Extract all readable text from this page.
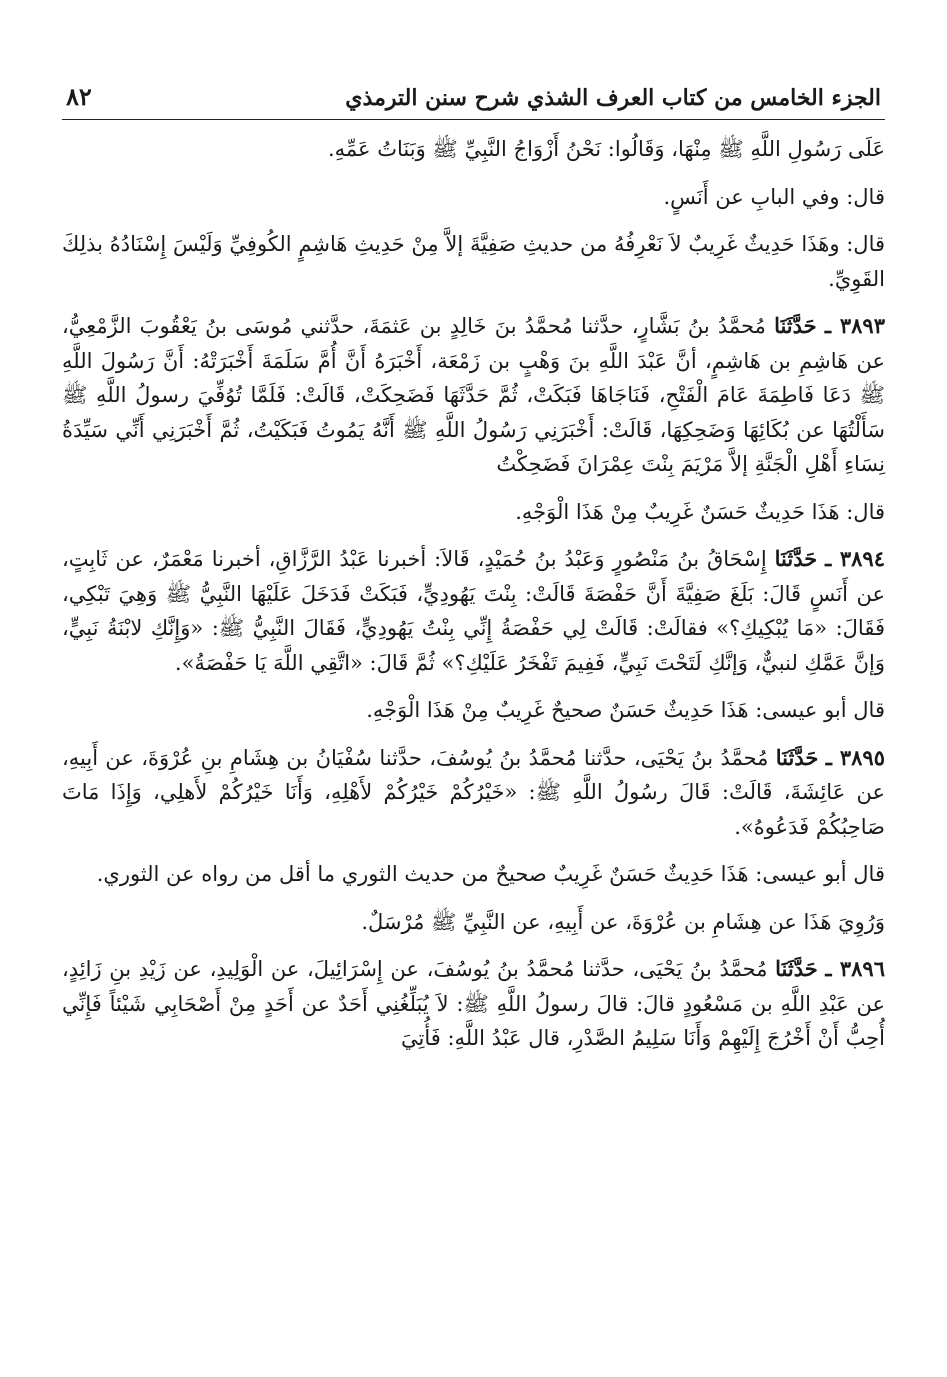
الجزء الخامس من كتاب العرف الشذي شرح سنن الترمذي
٨٢

عَلَى رَسُولِ اللَّهِ ﷺ مِنْهَا، وَقَالُوا: نَحْنُ أَزْوَاجُ النَّبِيِّ ﷺ وَبَنَاتُ عَمِّهِ.

قال: وفي البابِ عن أَنَسٍ.

قال: وهَذَا حَدِيثٌ غَرِيبٌ لاَ نَعْرِفُهُ من حديثِ صَفِيَّةَ إلاَّ مِنْ حَدِيثِ هَاشِمٍ الكُوفِيِّ وَلَيْسَ إِسْنَادُهُ بذلِكَ القَوِيِّ.

٣٨٩٣ ـ حَدَّثَنَا مُحمَّدُ بنُ بَشَّارٍ، حدَّثنا مُحمَّدُ بنَ خَالِدٍ بن عَثمَةَ، حدَّثني مُوسَى بنُ يَعْقُوبَ الزَّمْعِيُّ، عن هَاشِمِ بن هَاشِمٍ، أنَّ عَبْدَ اللَّهِ بنَ وَهْبٍ بن زَمْعَة، أَخْبَرَهُ أَنَّ أُمَّ سَلَمَةَ أَخْبَرَتْهُ: أَنَّ رَسُولَ اللَّهِ ﷺ دَعَا فَاطِمَةَ عَامَ الْفَتْحِ، فَنَاجَاهَا فَبَكَتْ، ثُمَّ حَدَّثَهَا فَضَحِكَتْ، قَالَتْ: فَلَمَّا تُوُفِّيَ رسولُ اللَّهِ ﷺ سَأَلْتُهَا عن بُكَائِهَا وَضَحِكِهَا، قَالَتْ: أَخْبَرَنِي رَسُولُ اللَّهِ ﷺ أَنَّهُ يَمُوتُ فَبَكَيْتُ، ثُمَّ أَخْبَرَنِي أَنِّي سَيِّدَةُ نِسَاءِ أَهْلِ الْجَنَّةِ إلاَّ مَرْيَمَ بِنْتَ عِمْرَانَ فَضَحِكْتُ

قال: هَذَا حَدِيثٌ حَسَنٌ غَرِيبٌ مِنْ هَذَا الْوَجْهِ.

٣٨٩٤ ـ حَدَّثَنَا إِسْحَاقُ بنُ مَنْصُورٍ وَعَبْدُ بنُ حُمَيْدٍ، قَالاَ: أخبرنا عَبْدُ الرَّزَّاقِ، أخبرنا مَعْمَرٌ، عن ثَابِتٍ، عن أَنَسٍ قَالَ: بَلَغَ صَفِيَّةَ أَنَّ حَفْصَةَ قَالَتْ: بِنْتَ يَهُودِيٍّ، فَبَكَتْ فَدَخَلَ عَلَيْهَا النَّبِيُّ ﷺ وَهِيَ تَبْكِي، فَقَالَ: «مَا يُبْكِيكِ؟» فقالَتْ: قَالَتْ لِي حَفْصَةُ إِنِّي بِنْتُ يَهُودِيٍّ، فَقَالَ النَّبِيُّ ﷺ: «وَإِنَّكِ لابْنَةُ نَبِيٍّ، وَإنَّ عَمَّكِ لنبيٌّ، وَإنَّكِ لَتَحْتَ نَبِيٍّ، فَفِيمَ تَفْخَرُ عَلَيْكِ؟» ثُمَّ قَالَ: «اتَّقِي اللَّهَ يَا حَفْصَةُ».

قال أبو عيسى: هَذَا حَدِيثٌ حَسَنٌ صحيحٌ غَرِيبٌ مِنْ هَذَا الْوَجْهِ.

٣٨٩٥ ـ حَدَّثَنَا مُحمَّدُ بنُ يَحْيَى، حدَّثنا مُحمَّدُ بنُ يُوسُفَ، حدَّثنا سُفْيَانُ بن هِشَامِ بنِ عُرْوَةَ، عن أَبِيهِ، عن عَائِشَةَ، قَالَتْ: قَالَ رسُولُ اللَّهِ ﷺ: «خَيْرُكُمْ خَيْرُكُمْ لأَهْلِهِ، وَأَنَا خَيْرُكُمْ لأَهلِي، وَإِذَا مَاتَ صَاحِبُكُمْ فَدَعُوهُ».

قال أبو عيسى: هَذَا حَدِيثٌ حَسَنٌ غَرِيبٌ صحيحٌ من حديث الثوري ما أقل من رواه عن الثوري.

وَرُوِيَ هَذَا عن هِشَامِ بن عُرْوَةَ، عن أَبِيهِ، عن النَّبِيِّ ﷺ مُرْسَلٌ.

٣٨٩٦ ـ حَدَّثَنَا مُحمَّدُ بنُ يَحْيَى، حدَّثنا مُحمَّدُ بنُ يُوسُفَ، عن إِسْرَائِيلَ، عن الْوَلِيدِ، عن زَيْدِ بنِ زَائِدٍ، عن عَبْدِ اللَّهِ بن مَسْعُودٍ قالَ: قالَ رسولُ اللَّهِ ﷺ: لاَ يُبَلِّغُنِي أَحَدٌ عن أَحَدٍ مِنْ أَصْحَابِي شَيْئاً فَإِنِّي أُحِبُّ أَنْ أَخْرُجَ إِلَيْهِمْ وَأَنَا سَلِيمُ الصَّدْرِ، قال عَبْدُ اللَّهِ: فَأُتِيَ
